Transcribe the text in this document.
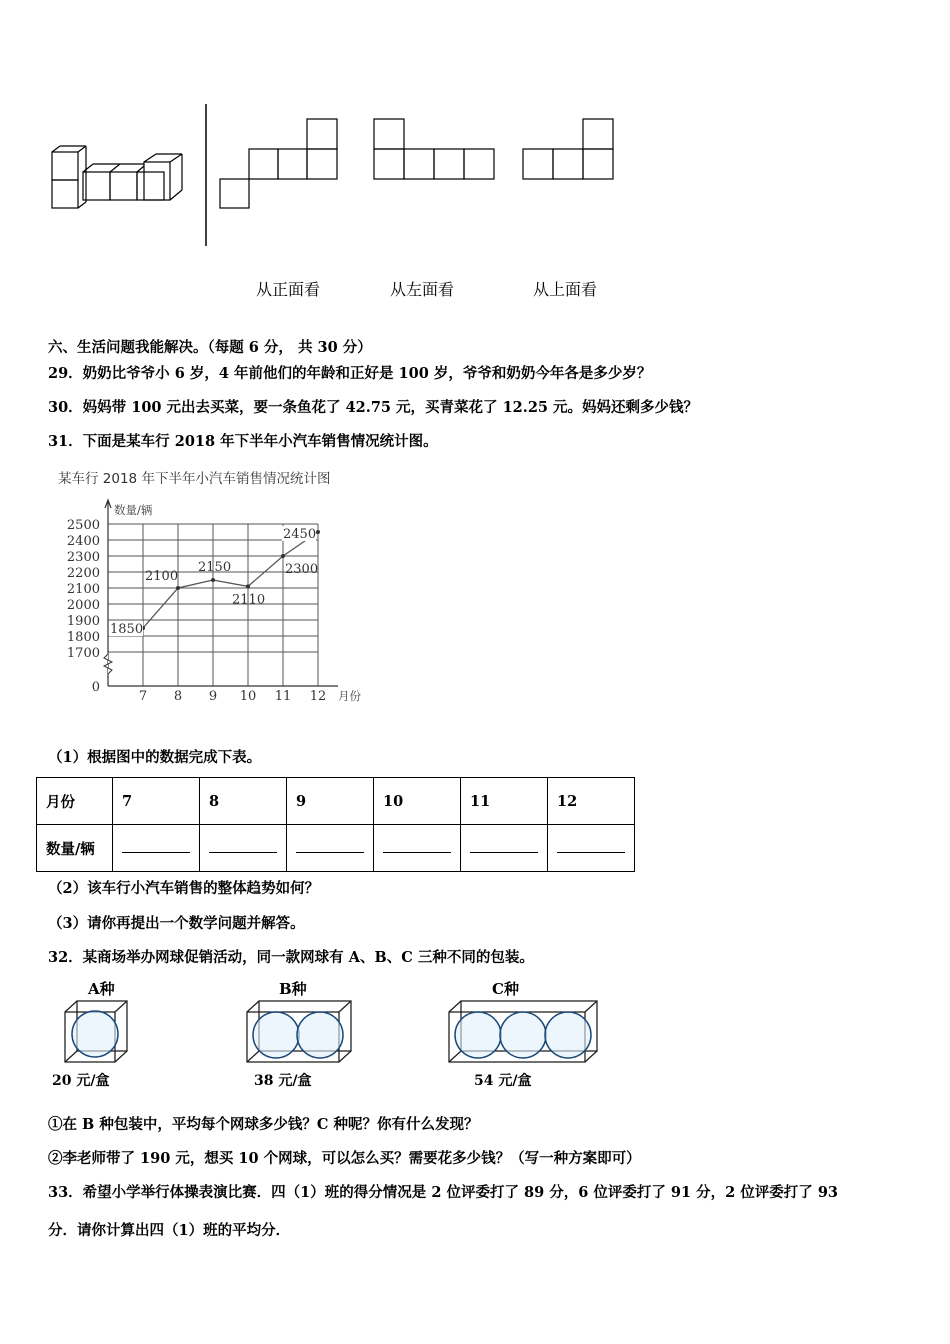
从正面看	从左面看	从上面看
六、生活问题我能解决。（每题 6 分， 共 30 分）
29．奶奶比爷爷小 6 岁，4 年前他们的年龄和正好是 100 岁，爷爷和奶奶今年各是多少岁？
30．妈妈带 100 元出去买菜，要一条鱼花了 42.75 元，买青菜花了 12.25 元。妈妈还剩多少钱？
31．下面是某车行 2018 年下半年小汽车销售情况统计图。
某车行 2018 年下半年小汽车销售情况统计图
0
1700
1800
1900
2000
2100
2200
2300
2400
2500
7 8 9 10 11 12
数量/辆
月份
1850
2100
2150
2110
2300
2450
（1）根据图中的数据完成下表。
月份	7	8	9	10	11	12
数量/辆						
（2）该车行小汽车销售的整体趋势如何？
（3）请你再提出一个数学问题并解答。
32．某商场举办网球促销活动，同一款网球有 A、B、C 三种不同的包装。
A种
20 元/盒
B种
38 元/盒
C种
54 元/盒
①在 B 种包装中，平均每个网球多少钱？C 种呢？你有什么发现？
②李老师带了 190 元，想买 10 个网球，可以怎么买？需要花多少钱？（写一种方案即可）
33．希望小学举行体操表演比赛．四（1）班的得分情况是 2 位评委打了 89 分，6 位评委打了 91 分，2 位评委打了 93
分．请你计算出四（1）班的平均分．
